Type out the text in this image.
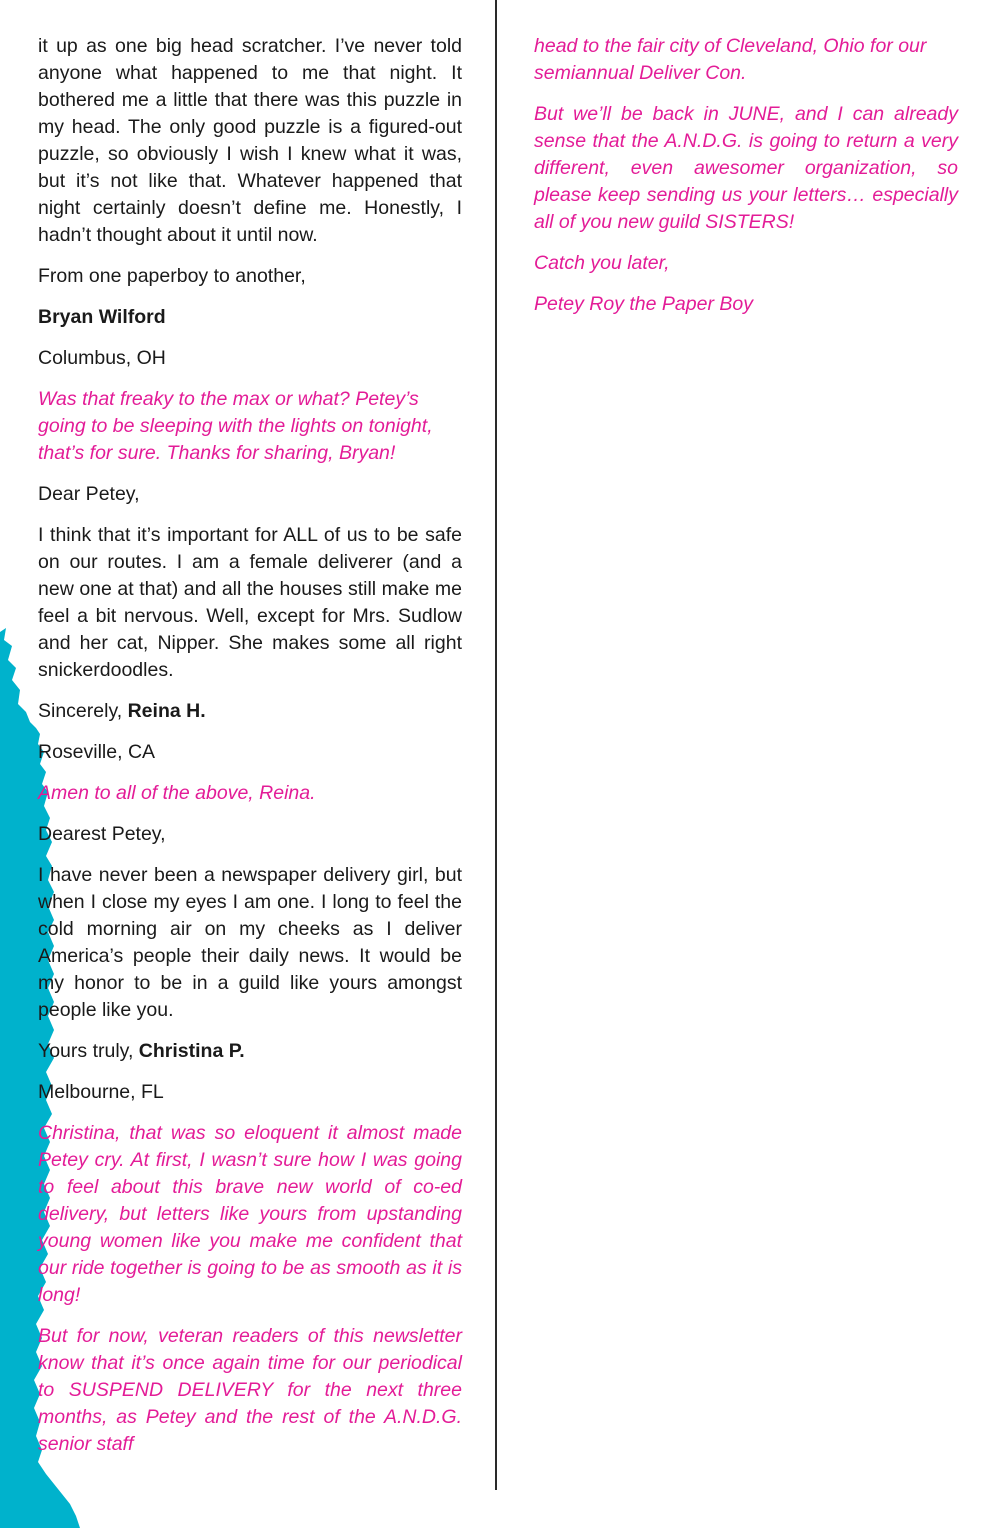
it up as one big head scratcher. I’ve never told anyone what happened to me that night. It bothered me a little that there was this puzzle in my head. The only good puzzle is a figured-out puzzle, so obviously I wish I knew what it was, but it’s not like that. Whatever happened that night certainly doesn’t define me. Honestly, I hadn’t thought about it until now.

From one paperboy to another,

Bryan Wilford

Columbus, OH

Was that freaky to the max or what? Petey’s going to be sleeping with the lights on tonight, that’s for sure. Thanks for sharing, Bryan!

Dear Petey,

I think that it’s important for ALL of us to be safe on our routes. I am a female deliverer (and a new one at that) and all the houses still make me feel a bit nervous. Well, except for Mrs. Sudlow and her cat, Nipper. She makes some all right snickerdoodles.

Sincerely, Reina H.

Roseville, CA

Amen to all of the above, Reina.

Dearest Petey,

I have never been a newspaper delivery girl, but when I close my eyes I am one. I long to feel the cold morning air on my cheeks as I deliver America’s people their daily news. It would be my honor to be in a guild like yours amongst people like you.

Yours truly, Christina P.

Melbourne, FL

Christina, that was so eloquent it almost made Petey cry. At first, I wasn’t sure how I was going to feel about this brave new world of co-ed delivery, but letters like yours from upstanding young women like you make me confident that our ride together is going to be as smooth as it is long!

But for now, veteran readers of this newsletter know that it’s once again time for our periodical to SUSPEND DELIVERY for the next three months, as Petey and the rest of the A.N.D.G. senior staff

head to the fair city of Cleveland, Ohio for our semiannual Deliver Con.

But we’ll be back in JUNE, and I can already sense that the A.N.D.G. is going to return a very different, even awesomer organization, so please keep sending us your letters… especially all of you new guild SISTERS!

Catch you later,

Petey Roy the Paper Boy
